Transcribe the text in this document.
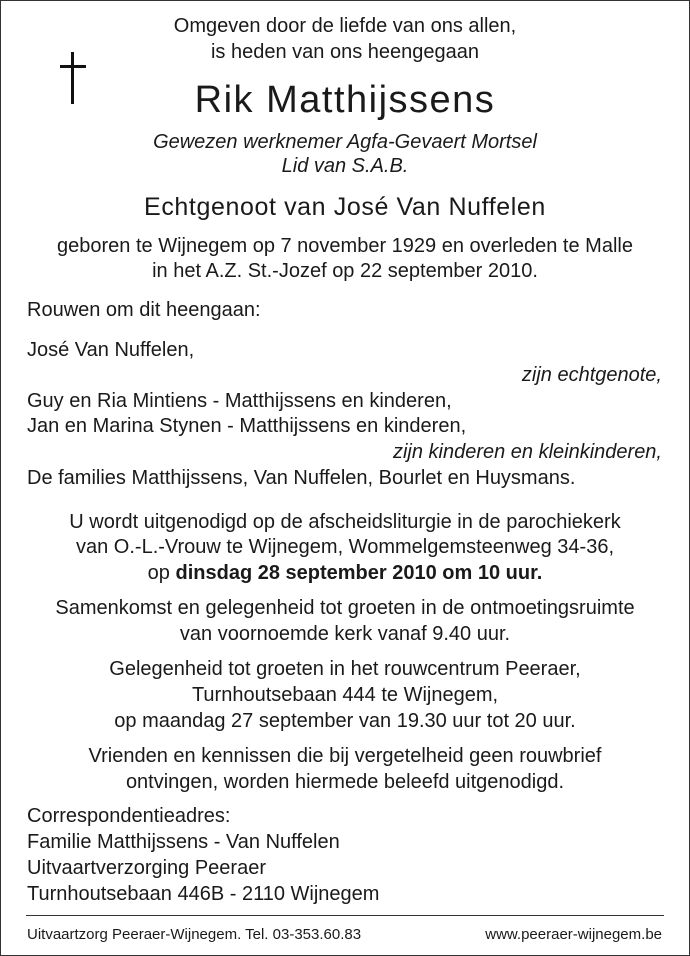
Omgeven door de liefde van ons allen,
is heden van ons heengegaan
Rik Matthijssens
Gewezen werknemer Agfa-Gevaert Mortsel
Lid van S.A.B.
Echtgenoot van José Van Nuffelen
geboren te Wijnegem op 7 november 1929 en overleden te Malle
in het A.Z. St.-Jozef op 22 september 2010.
Rouwen om dit heengaan:
José Van Nuffelen,
zijn echtgenote,
Guy en Ria Mintiens - Matthijssens en kinderen,
Jan en Marina Stynen - Matthijssens en kinderen,
zijn kinderen en kleinkinderen,
De families Matthijssens, Van Nuffelen, Bourlet en Huysmans.
U wordt uitgenodigd op de afscheidsliturgie in de parochiekerk
van O.-L.-Vrouw te Wijnegem, Wommelgemsteenweg 34-36,
op dinsdag 28 september 2010 om 10 uur.
Samenkomst en gelegenheid tot groeten in de ontmoetingsruimte
van voornoemde kerk vanaf 9.40 uur.
Gelegenheid tot groeten in het rouwcentrum Peeraer,
Turnhoutsebaan 444 te Wijnegem,
op maandag 27 september van 19.30 uur tot 20 uur.
Vrienden en kennissen die bij vergetelheid geen rouwbrief
ontvingen, worden hiermede beleefd uitgenodigd.
Correspondentieadres:
Familie Matthijssens - Van Nuffelen
Uitvaartverzorging Peeraer
Turnhoutsebaan 446B - 2110 Wijnegem
Uitvaartzorg Peeraer-Wijnegem. Tel. 03-353.60.83	www.peeraer-wijnegem.be
